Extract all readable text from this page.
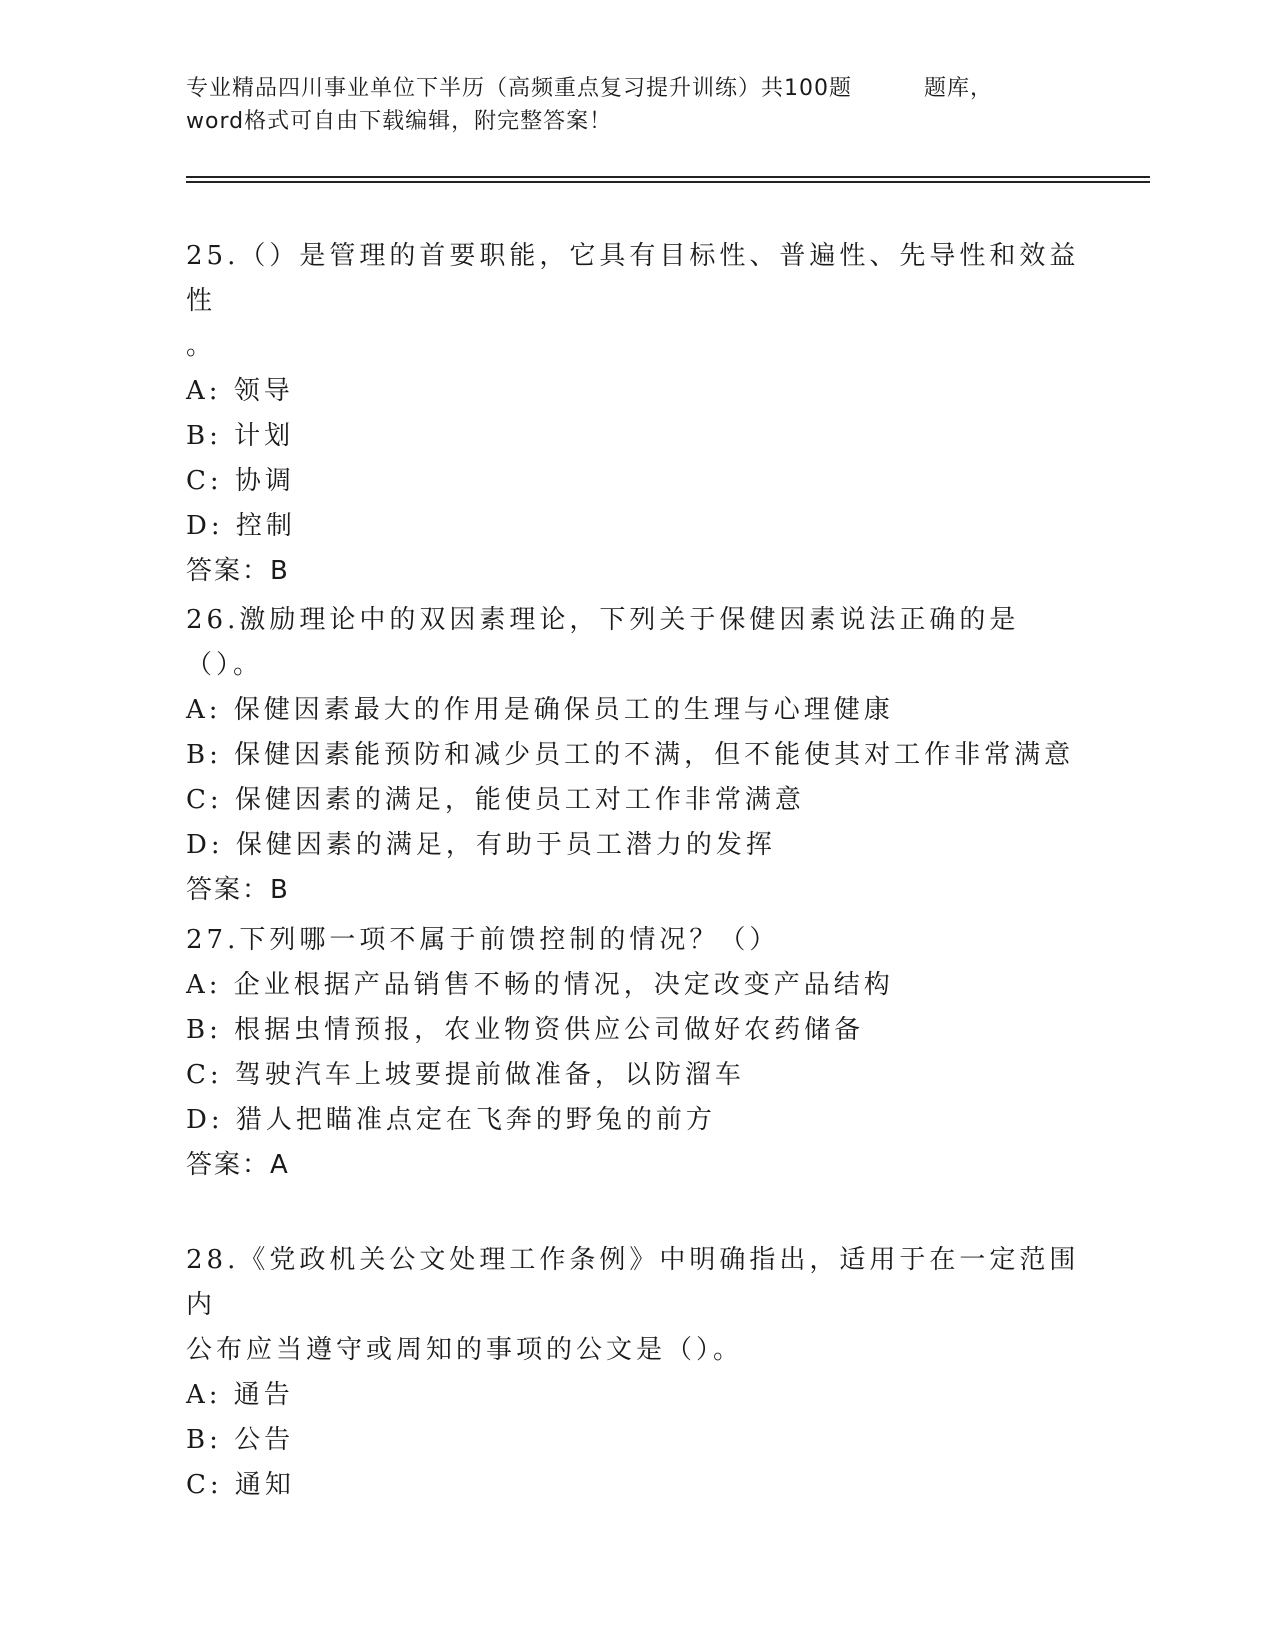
专业精品四川事业单位下半历（高频重点复习提升训练）共100题	题库，
word格式可自由下载编辑，附完整答案！
25.（）是管理的首要职能，它具有目标性、普遍性、先导性和效益性
。
A: 领导
B: 计划
C: 协调
D: 控制
答案：B
26.激励理论中的双因素理论，下列关于保健因素说法正确的是（）。
A: 保健因素最大的作用是确保员工的生理与心理健康
B: 保健因素能预防和减少员工的不满，但不能使其对工作非常满意
C: 保健因素的满足，能使员工对工作非常满意
D: 保健因素的满足，有助于员工潜力的发挥
答案：B
27.下列哪一项不属于前馈控制的情况？（）
A: 企业根据产品销售不畅的情况，决定改变产品结构
B: 根据虫情预报，农业物资供应公司做好农药储备
C: 驾驶汽车上坡要提前做准备，以防溜车
D: 猎人把瞄准点定在飞奔的野兔的前方
答案：A
28.《党政机关公文处理工作条例》中明确指出，适用于在一定范围内
公布应当遵守或周知的事项的公文是（）。
A: 通告
B: 公告
C: 通知
